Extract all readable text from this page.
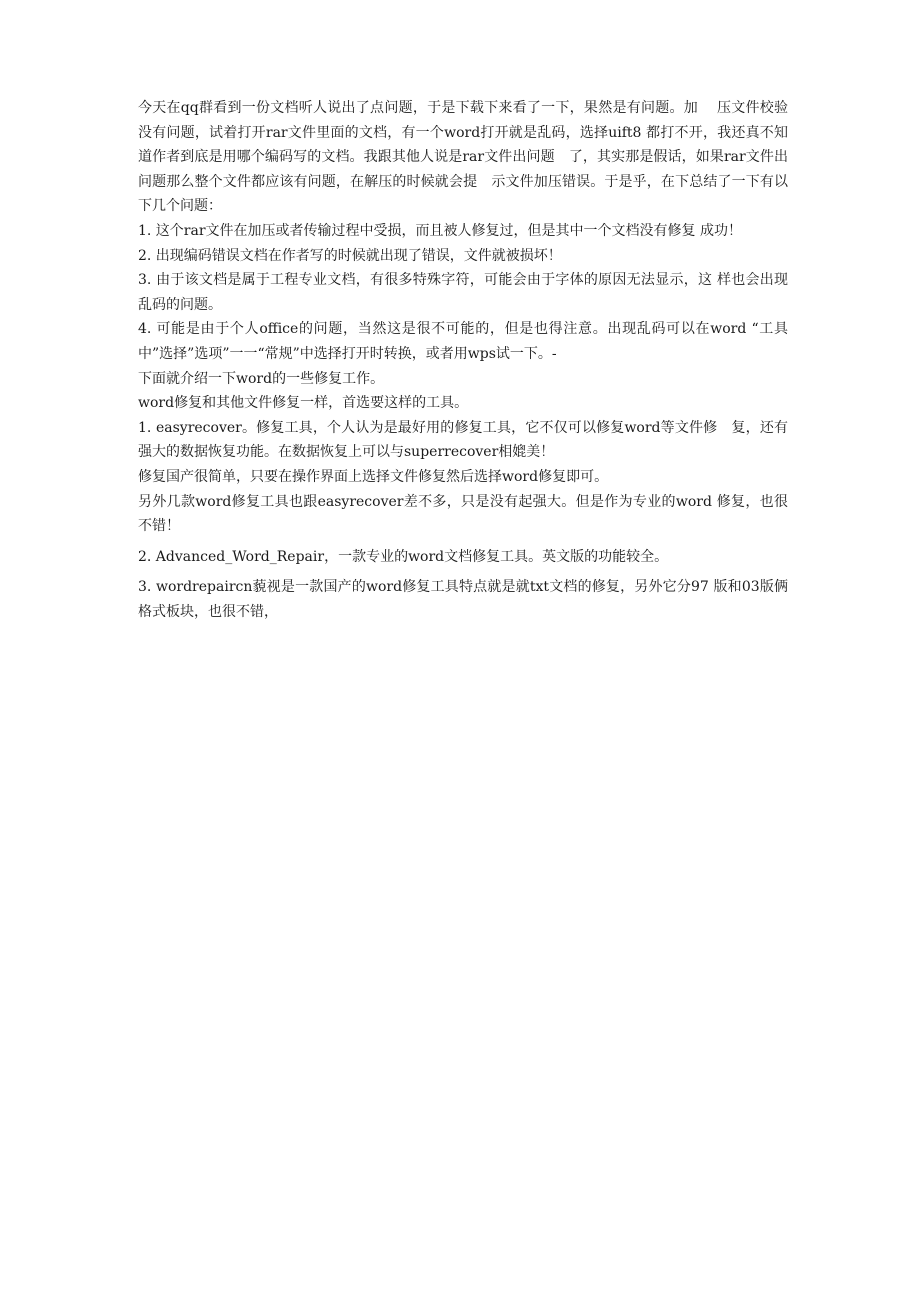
今天在qq群看到一份文档听人说出了点问题，于是下载下来看了一下，果然是有问题。加　 压文件校验没有问题，试着打开rar文件里面的文档，有一个word打开就是乱码，选择uift8 都打不开，我还真不知道作者到底是用哪个编码写的文档。我跟其他人说是rar文件出问题　了，其实那是假话，如果rar文件出问题那么整个文件都应该有问题，在解压的时候就会提　示文件加压错误。于是乎，在下总结了一下有以下几个问题：

1. 这个rar文件在加压或者传输过程中受损，而且被人修复过，但是其中一个文档没有修复 成功！

2. 出现编码错误文档在作者写的时候就出现了错误，文件就被损坏！

3. 由于该文档是属于工程专业文档，有很多特殊字符，可能会由于字体的原因无法显示，这 样也会出现乱码的问题。

4. 可能是由于个人office的问题，当然这是很不可能的，但是也得注意。出现乱码可以在word “工具中”选择”选项”一一“常规”中选择打开时转换，或者用wps试一下。-

下面就介绍一下word的一些修复工作。

word修复和其他文件修复一样，首选要这样的工具。

1. easyrecover。修复工具，个人认为是最好用的修复工具，它不仅可以修复word等文件修　复，还有强大的数据恢复功能。在数据恢复上可以与superrecover相媲美！

修复国产很简单，只要在操作界面上选择文件修复然后选择word修复即可。

另外几款word修复工具也跟easyrecover差不多，只是没有起强大。但是作为专业的word 修复，也很不错！

2. Advanced_Word_Repair，一款专业的word文档修复工具。英文版的功能较全。

3. wordrepaircn藐视是一款国产的word修复工具特点就是就txt文档的修复，另外它分97 版和03版俩格式板块，也很不错，
